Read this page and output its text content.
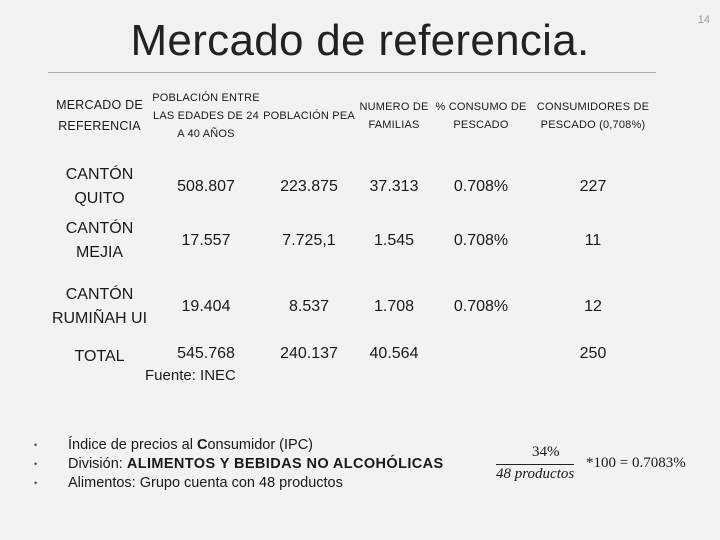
14
Mercado de referencia.
MERCADO DE REFERENCIA	POBLACIÓN ENTRE LAS EDADES DE 24 A 40 AÑOS	POBLACIÓN PEA	NUMERO DE FAMILIAS	% CONSUMO DE PESCADO	CONSUMIDORES DE PESCADO (0,708%)
CANTÓN QUITO	508.807	223.875	37.313	0.708%	227
CANTÓN MEJIA	17.557	7.725,1	1.545	0.708%	11
CANTÓN RUMIÑAH UI	19.404	8.537	1.708	0.708%	12
TOTAL	545.768	240.137	40.564		250
Fuente: INEC
• Índice de precios al Consumidor (IPC)
• División: ALIMENTOS Y BEBIDAS NO ALCOHÓLICAS
• Alimentos: Grupo cuenta con 48 productos
34%
48 productos
*100 = 0.7083%
